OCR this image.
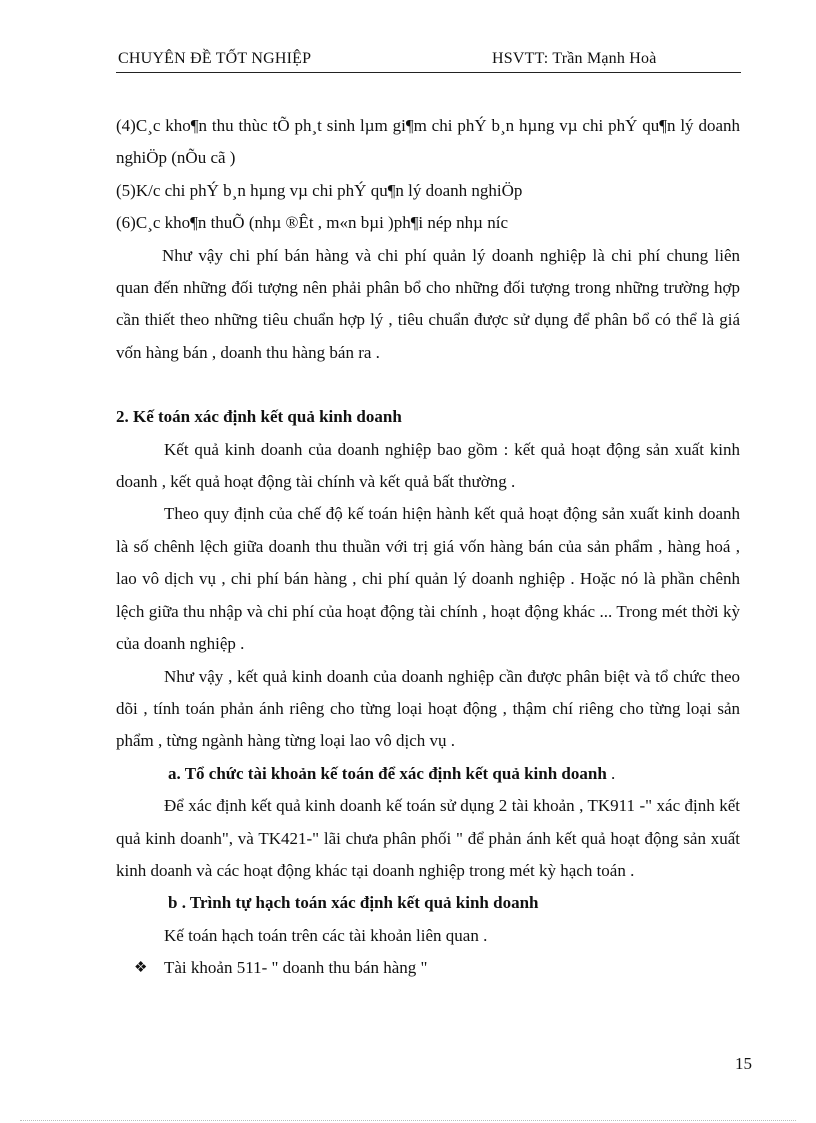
CHUYÊN ĐỀ TỐT NGHIỆP	HSVTT: Trần Mạnh Hoà

(4)C¸c kho¶n thu thùc tÕ ph¸t sinh lµm gi¶m chi phÝ b¸n hµng vµ chi phÝ qu¶n lý doanh nghiÖp (nÕu cã )

(5)K/c chi phÝ b¸n hµng vµ chi phÝ qu¶n lý doanh nghiÖp

(6)C¸c kho¶n thuÕ (nhµ ®Êt , m«n bµi )ph¶i nép nhµ níc

Như vậy chi phí bán hàng và chi phí quản lý doanh nghiệp là chi phí chung liên quan đến những đối tượng nên phải phân bổ cho những đối tượng trong những trường hợp cần thiết theo những tiêu chuẩn hợp lý , tiêu chuẩn được sử dụng để phân bổ có thể là giá vốn hàng bán , doanh thu hàng bán ra .

2. Kế toán xác định kết quả kinh doanh

Kết quả kinh doanh của doanh nghiệp bao gồm : kết quả hoạt động sản xuất kinh doanh , kết quả hoạt động tài chính và kết quả bất thường .

Theo quy định của chế độ kế toán hiện hành kết quả hoạt động sản xuất kinh doanh là số chênh lệch giữa doanh thu thuần với trị giá vốn hàng bán của sản phẩm , hàng hoá , lao vô dịch vụ , chi phí bán hàng , chi phí quản lý doanh nghiệp . Hoặc nó là phần chênh lệch giữa thu nhập và chi phí của hoạt động tài chính , hoạt động khác ... Trong mét thời kỳ của doanh nghiệp .

Như vậy , kết quả kinh doanh của doanh nghiệp cần được phân biệt và tổ chức theo dõi , tính toán phản ánh riêng cho từng loại hoạt động , thậm chí riêng cho từng loại sản phẩm , từng ngành hàng từng loại lao vô dịch vụ .

a. Tổ chức tài khoản kế toán để xác định kết quả kinh doanh .

Để xác định kết quả kinh doanh kế toán sử dụng 2 tài khoản , TK911 -" xác định kết quả kinh doanh", và TK421-" lãi chưa phân phối " để phản ánh kết quả hoạt động sản xuất kinh doanh và các hoạt động khác tại doanh nghiệp trong mét kỳ hạch toán .

b . Trình tự hạch toán xác định kết quả kinh doanh

Kế toán hạch toán trên các tài khoản liên quan .

❖ Tài khoản 511- " doanh thu bán hàng "

15
